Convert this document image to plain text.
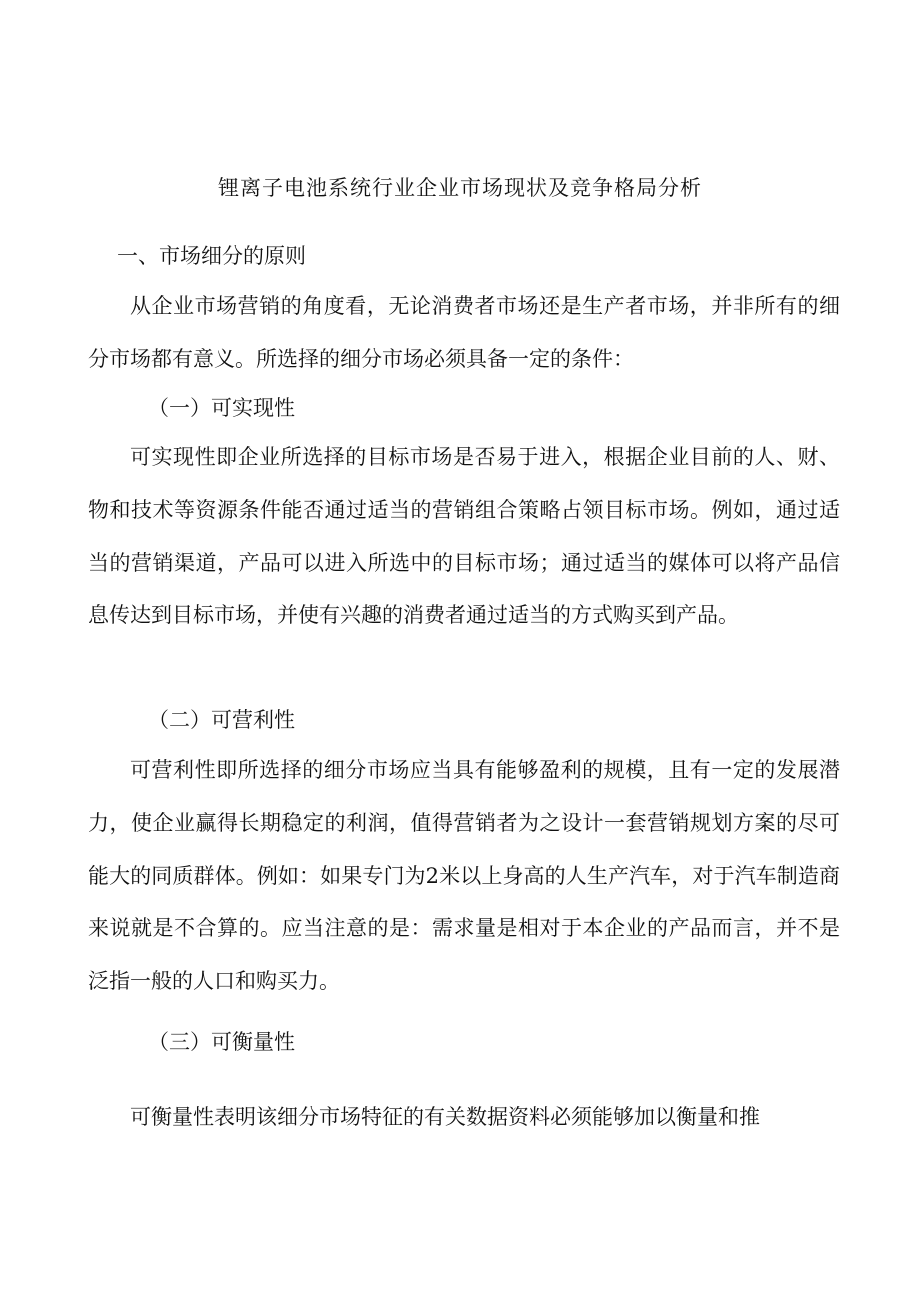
锂离子电池系统行业企业市场现状及竞争格局分析
一、市场细分的原则

从企业市场营销的角度看，无论消费者市场还是生产者市场，并非所有的细分市场都有意义。所选择的细分市场必须具备一定的条件：

（一）可实现性

可实现性即企业所选择的目标市场是否易于进入，根据企业目前的人、财、物和技术等资源条件能否通过适当的营销组合策略占领目标市场。例如，通过适当的营销渠道，产品可以进入所选中的目标市场；通过适当的媒体可以将产品信息传达到目标市场，并使有兴趣的消费者通过适当的方式购买到产品。

（二）可营利性

可营利性即所选择的细分市场应当具有能够盈利的规模，且有一定的发展潜力，使企业赢得长期稳定的利润，值得营销者为之设计一套营销规划方案的尽可能大的同质群体。例如：如果专门为2米以上身高的人生产汽车，对于汽车制造商来说就是不合算的。应当注意的是：需求量是相对于本企业的产品而言，并不是泛指一般的人口和购买力。

（三）可衡量性

可衡量性表明该细分市场特征的有关数据资料必须能够加以衡量和推
